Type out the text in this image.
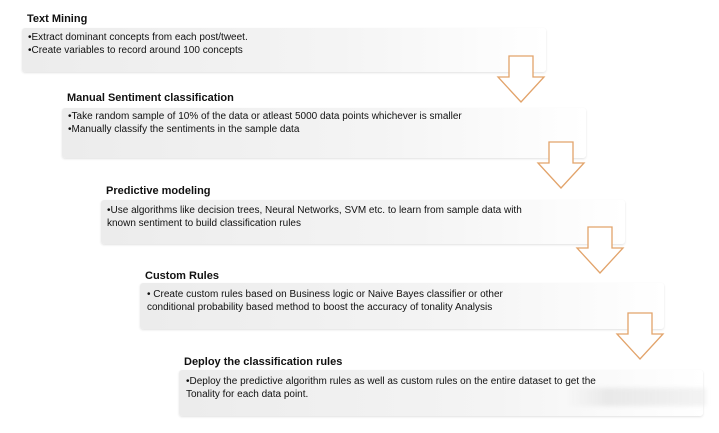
Text Mining
•Extract dominant concepts from each post/tweet.
•Create variables to record around 100 concepts
Manual Sentiment classification
•Take random sample of 10% of the data or atleast 5000 data points whichever is smaller
•Manually classify the sentiments in the sample data
Predictive modeling
•Use algorithms like decision trees, Neural Networks, SVM etc. to learn from sample data with known sentiment to build classification rules
Custom Rules
• Create custom rules based on Business logic or Naive Bayes classifier or other conditional probability based method to boost the accuracy of tonality Analysis
Deploy the classification rules
•Deploy the predictive algorithm rules as well as custom rules on the entire dataset to get the Tonality for each data point.
